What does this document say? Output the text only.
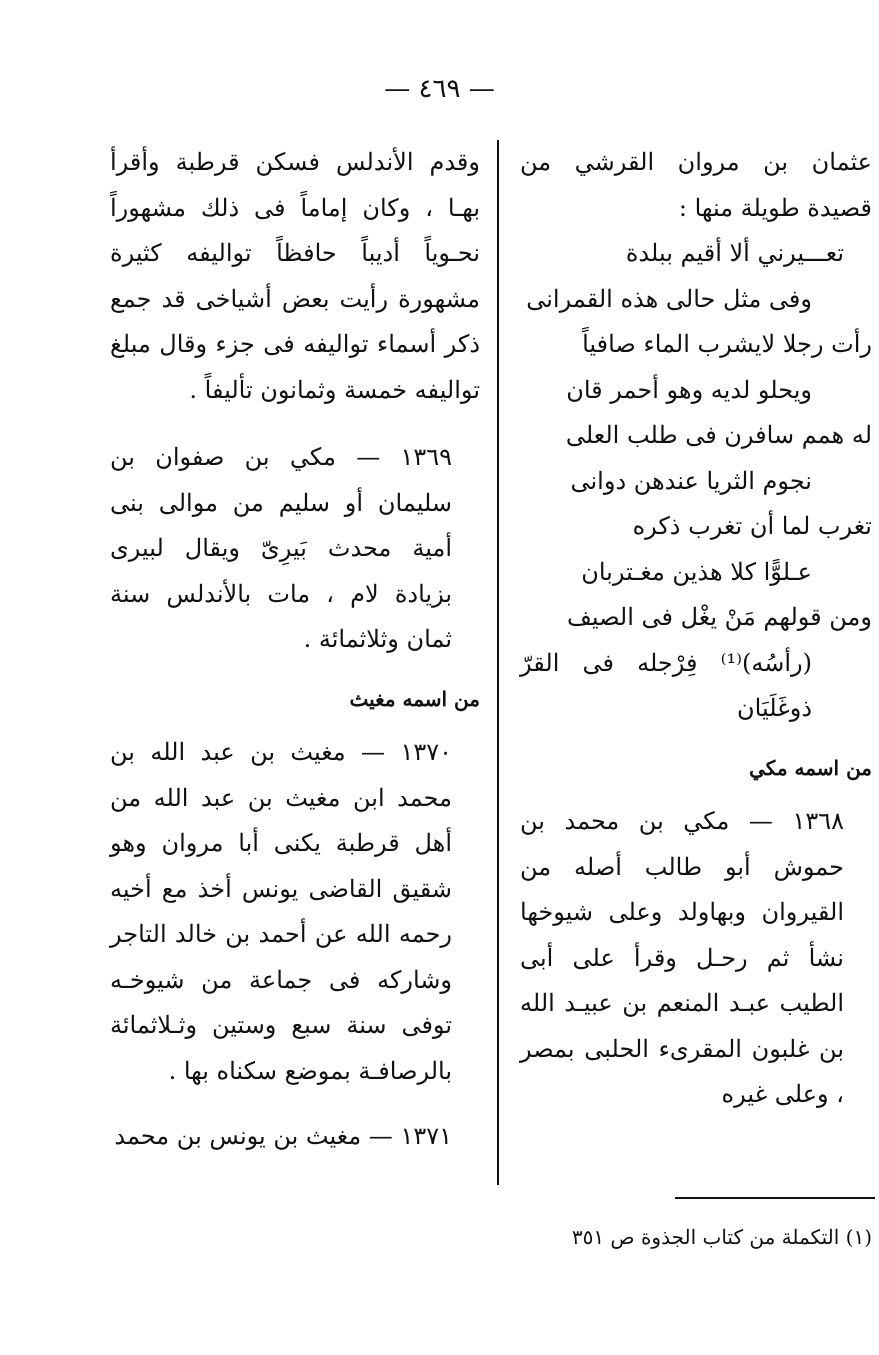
— ٤٦٩ —

عثمان بن مروان القرشي من قصيدة طويلة منها :

تعـــيرني ألا أقيم ببلدة

وفى مثل حالى هذه القمرانى

رأت رجلا لايشرب الماء صافياً

ويحلو لديه وهو أحمر قان

له همم سافرن فى طلب العلى

نجوم الثريا عندهن دوانى

تغرب لما أن تغرب ذكره

عـلوًّا كلا هذين مغـتربان

ومن قولهم مَنْ يغْل فى الصيف

(رأسُه)⁽¹⁾ فِرْجله فى القرّ ذوغَلَيَان

من اسمه مكي

١٣٦٨ — مكي بن محمد بن حموش أبو طالب أصله من القيروان وبهاولد وعلى شيوخها نشأ ثم رحـل وقرأ على أبى الطيب عبـد المنعم بن عبيـد الله بن غلبون المقرىء الحلبى بمصر ، وعلى غيره

وقدم الأندلس فسكن قرطبة وأقرأ بهـا ، وكان إماماً فى ذلك مشهوراً نحـوياً أديباً حافظاً تواليفه كثيرة مشهورة رأيت بعض أشياخى قد جمع ذكر أسماء تواليفه فى جزء وقال مبلغ تواليفه خمسة وثمانون تأليفاً .

١٣٦٩ — مكي بن صفوان بن سليمان أو سليم من موالى بنى أمية محدث بَيرِىّ ويقال لبيرى بزيادة لام ، مات بالأندلس سنة ثمان وثلاثمائة .

من اسمه مغيث

١٣٧٠ — مغيث بن عبد الله بن محمد ابن مغيث بن عبد الله من أهل قرطبة يكنى أبا مروان وهو شقيق القاضى يونس أخذ مع أخيه رحمه الله عن أحمد بن خالد التاجر وشاركه فى جماعة من شيوخـه توفى سنة سبع وستين وثـلاثمائة بالرصافـة بموضع سكناه بها .

١٣٧١ — مغيث بن يونس بن محمد

(١) التكملة من كتاب الجذوة ص ٣٥١
